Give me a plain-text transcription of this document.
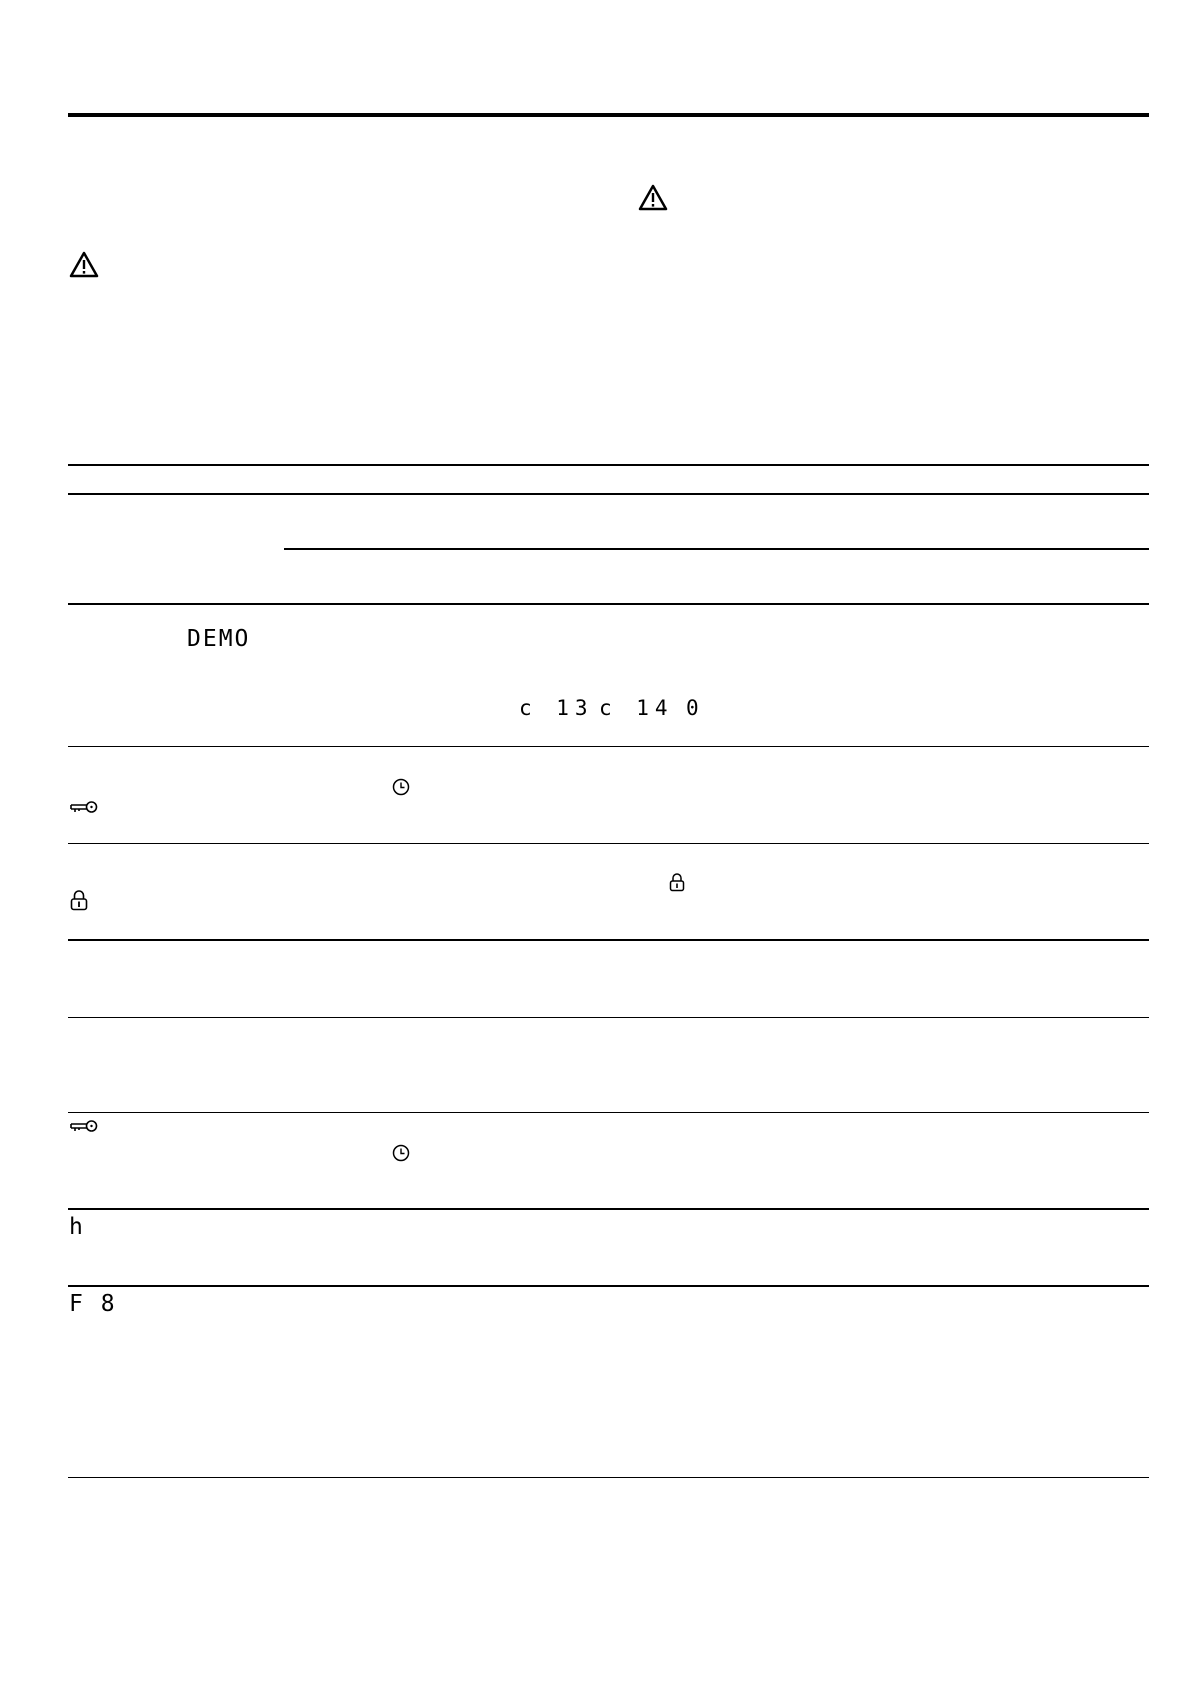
DEMO
c 13 c 14 0
h
F 8
